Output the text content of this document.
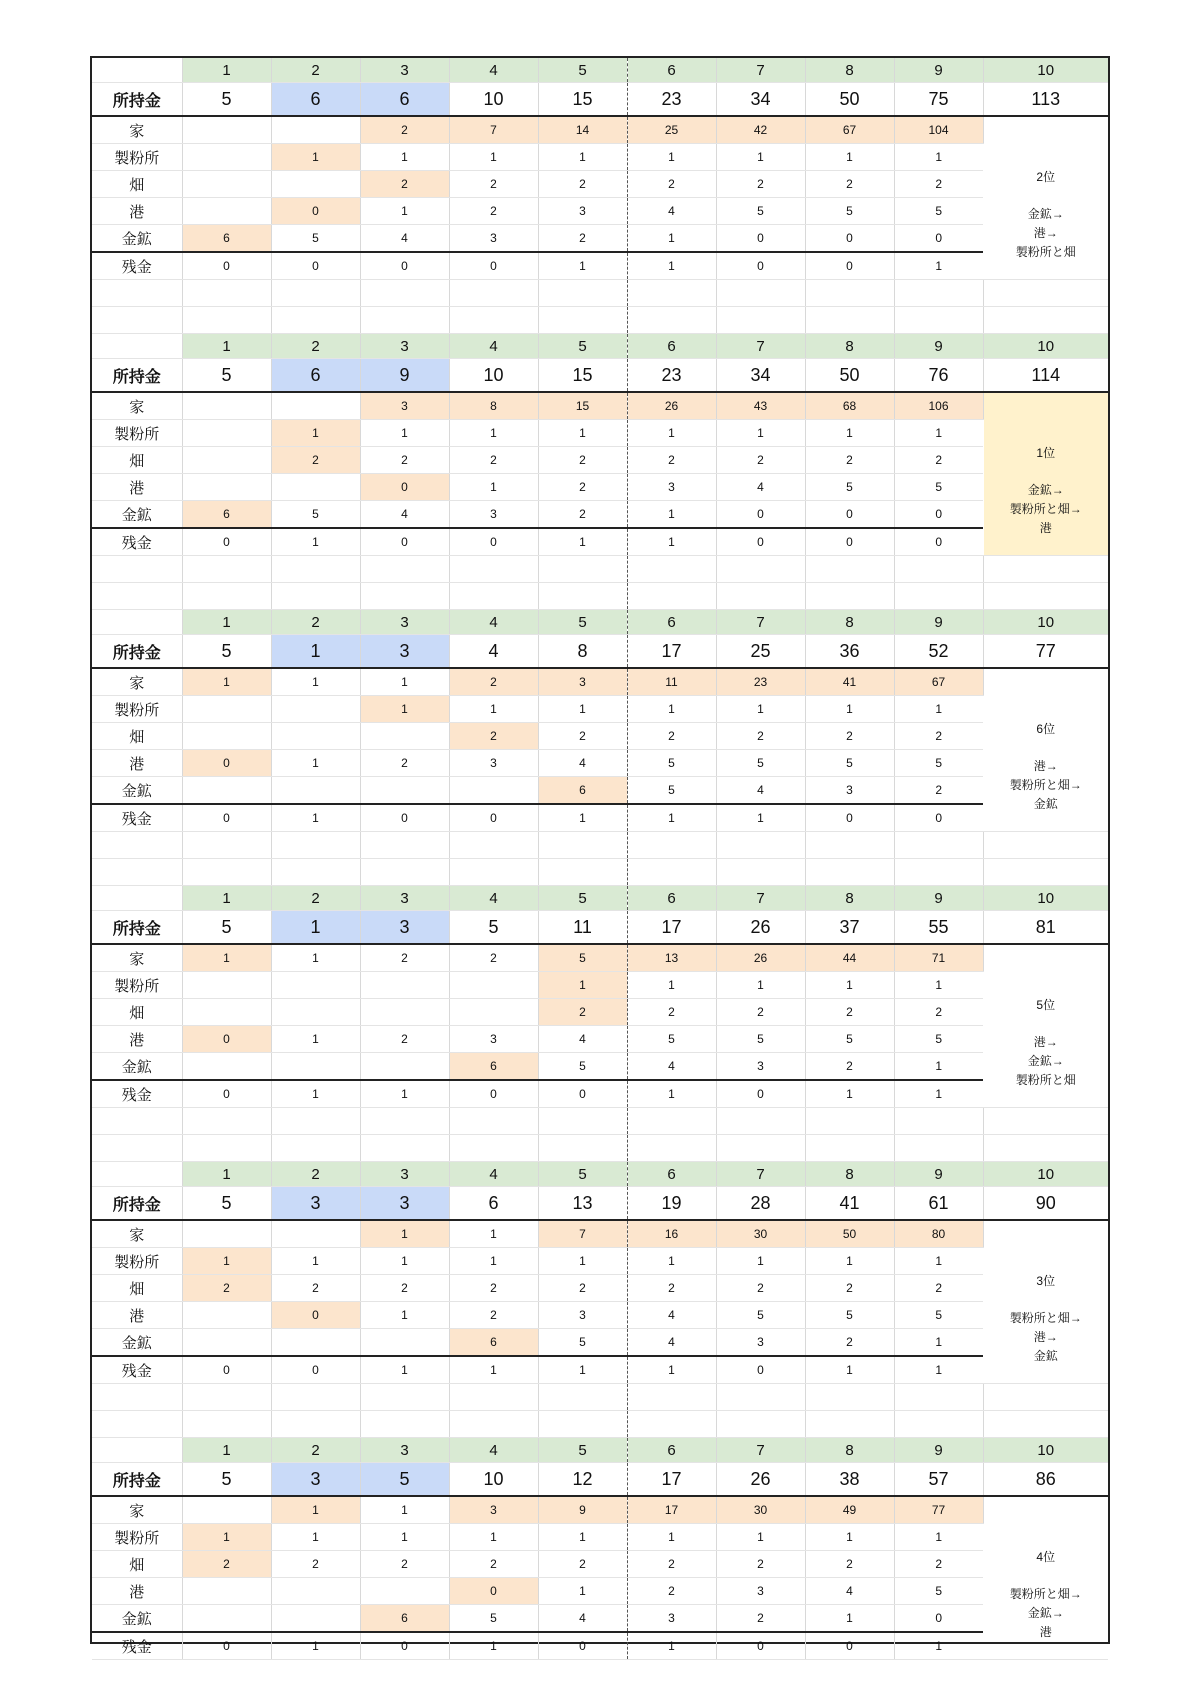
	1	2	3	4	5	6	7	8	9	10
所持金	5	6	6	10	15	23	34	50	75	113
家			2	7	14	25	42	67	104	2位
金鉱→
港→
製粉所と畑

製粉所		1	1	1	1	1	1	1	1	
畑			2	2	2	2	2	2	2	
港		0	1	2	3	4	5	5	5	
金鉱	6	5	4	3	2	1	0	0	0	
残金	0	0	0	0	1	1	0	0	1	

	1	2	3	4	5	6	7	8	9	10
所持金	5	6	9	10	15	23	34	50	76	114
家			3	8	15	26	43	68	106	1位
金鉱→
製粉所と畑→
港

製粉所		1	1	1	1	1	1	1	1	
畑		2	2	2	2	2	2	2	2	
港			0	1	2	3	4	5	5	
金鉱	6	5	4	3	2	1	0	0	0	
残金	0	1	0	0	1	1	0	0	0	

	1	2	3	4	5	6	7	8	9	10
所持金	5	1	3	4	8	17	25	36	52	77
家	1	1	1	2	3	11	23	41	67	6位
港→
製粉所と畑→
金鉱

製粉所			1	1	1	1	1	1	1	
畑				2	2	2	2	2	2	
港	0	1	2	3	4	5	5	5	5	
金鉱					6	5	4	3	2	
残金	0	1	0	0	1	1	1	0	0	

	1	2	3	4	5	6	7	8	9	10
所持金	5	1	3	5	11	17	26	37	55	81
家	1	1	2	2	5	13	26	44	71	5位
港→
金鉱→
製粉所と畑

製粉所					1	1	1	1	1	
畑					2	2	2	2	2	
港	0	1	2	3	4	5	5	5	5	
金鉱				6	5	4	3	2	1	
残金	0	1	1	0	0	1	0	1	1	

	1	2	3	4	5	6	7	8	9	10
所持金	5	3	3	6	13	19	28	41	61	90
家			1	1	7	16	30	50	80	3位
製粉所と畑→
港→
金鉱

製粉所	1	1	1	1	1	1	1	1	1	
畑	2	2	2	2	2	2	2	2	2	
港		0	1	2	3	4	5	5	5	
金鉱				6	5	4	3	2	1	
残金	0	0	1	1	1	1	0	1	1	

	1	2	3	4	5	6	7	8	9	10
所持金	5	3	5	10	12	17	26	38	57	86
家		1	1	3	9	17	30	49	77	4位
製粉所と畑→
金鉱→
港

製粉所	1	1	1	1	1	1	1	1	1	
畑	2	2	2	2	2	2	2	2	2	
港				0	1	2	3	4	5	
金鉱			6	5	4	3	2	1	0	
残金	0	1	0	1	0	1	0	0	1	
